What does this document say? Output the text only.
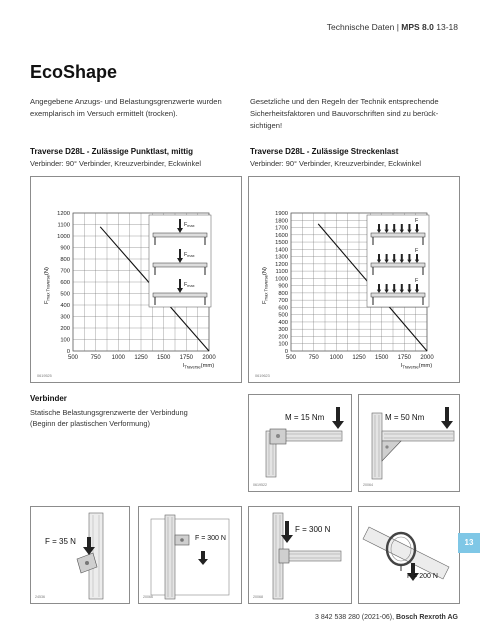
Technische Daten | MPS 8.0 13-18
EcoShape
Angegebene Anzugs- und Belastungsgrenzwerte wurden
exemplarisch im Versuch ermittelt (trocken).
Gesetzliche und den Regeln der Technik entsprechende
Sicherheitsfaktoren und Bauvorschriften sind zu berück-
sichtigen!
Traverse D28L - Zulässige Punktlast, mittig
Verbinder: 90° Verbinder, Kreuzverbinder, Eckwinkel
Traverse D28L - Zulässige Streckenlast
Verbinder: 90° Verbinder, Kreuzverbinder, Eckwinkel
500 750 1000 1250 1500 1750 2000
0
100
200
300
400
500
600
700
800
900
1000
1100
1200
$F_{max Traverse}(N)$
$l_{Traverse}(mm)$
0619525
$F_{max}$
$F_{max}$
$F_{max}$
500 750 1000 1250 1500 1750 2000
0
100
200
300
400
500
600
700
800
900
1000
1100
1200
1300
1400
1500
1600
1700
1800
1900
$F_{max Traverse}(N)$
$l_{Traverse}(mm)$
0619623
F
F
F
Verbinder
Statische Belastungsgrenzwerte der Verbindung
(Beginn der plastischen Verformung)
M = 15 Nm
0619522
M = 50 Nm
20064
F = 35 N
24536
F = 300 N
20066
F = 300 N
20068
F = 200 N
13
3 842 538 280 (2021-06), Bosch Rexroth AG
